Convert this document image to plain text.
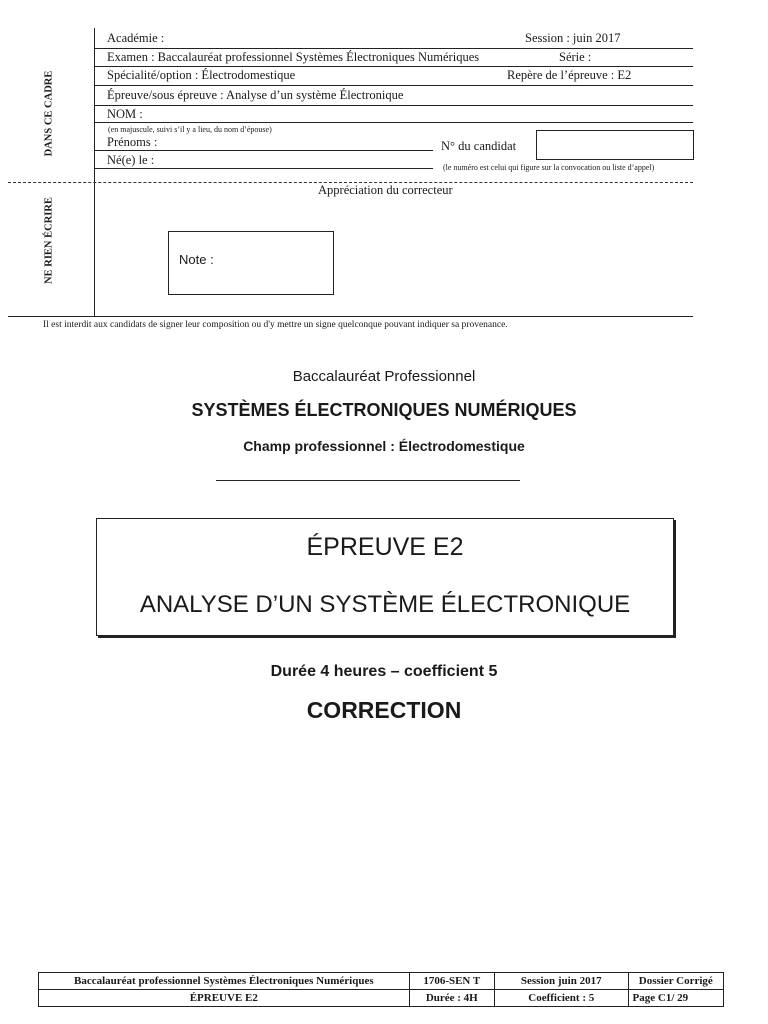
Académie :	Session : juin 2017
Examen : Baccalauréat professionnel Systèmes Électroniques Numériques	Série :
Spécialité/option : Électrodomestique	Repère de l’épreuve : E2
Épreuve/sous épreuve : Analyse d’un système Électronique
NOM :
(en majuscule, suivi s’il y a lieu, du nom d’épouse)
Prénoms :	N° du candidat
Né(e) le :
(le numéro est celui qui figure sur la convocation ou liste d’appel)
DANS CE CADRE
NE RIEN ÉCRIRE
Appréciation du correcteur
Note :
Il est interdit aux candidats de signer leur composition ou d'y mettre un signe quelconque pouvant indiquer sa provenance.
Baccalauréat Professionnel
SYSTÈMES ÉLECTRONIQUES NUMÉRIQUES
Champ professionnel : Électrodomestique
ÉPREUVE E2
ANALYSE D’UN SYSTÈME ÉLECTRONIQUE
Durée 4 heures – coefficient 5
CORRECTION
Baccalauréat professionnel Systèmes Électroniques Numériques	1706-SEN T	Session juin 2017	Dossier Corrigé
ÉPREUVE E2	Durée : 4H	Coefficient : 5	Page C1/ 29
